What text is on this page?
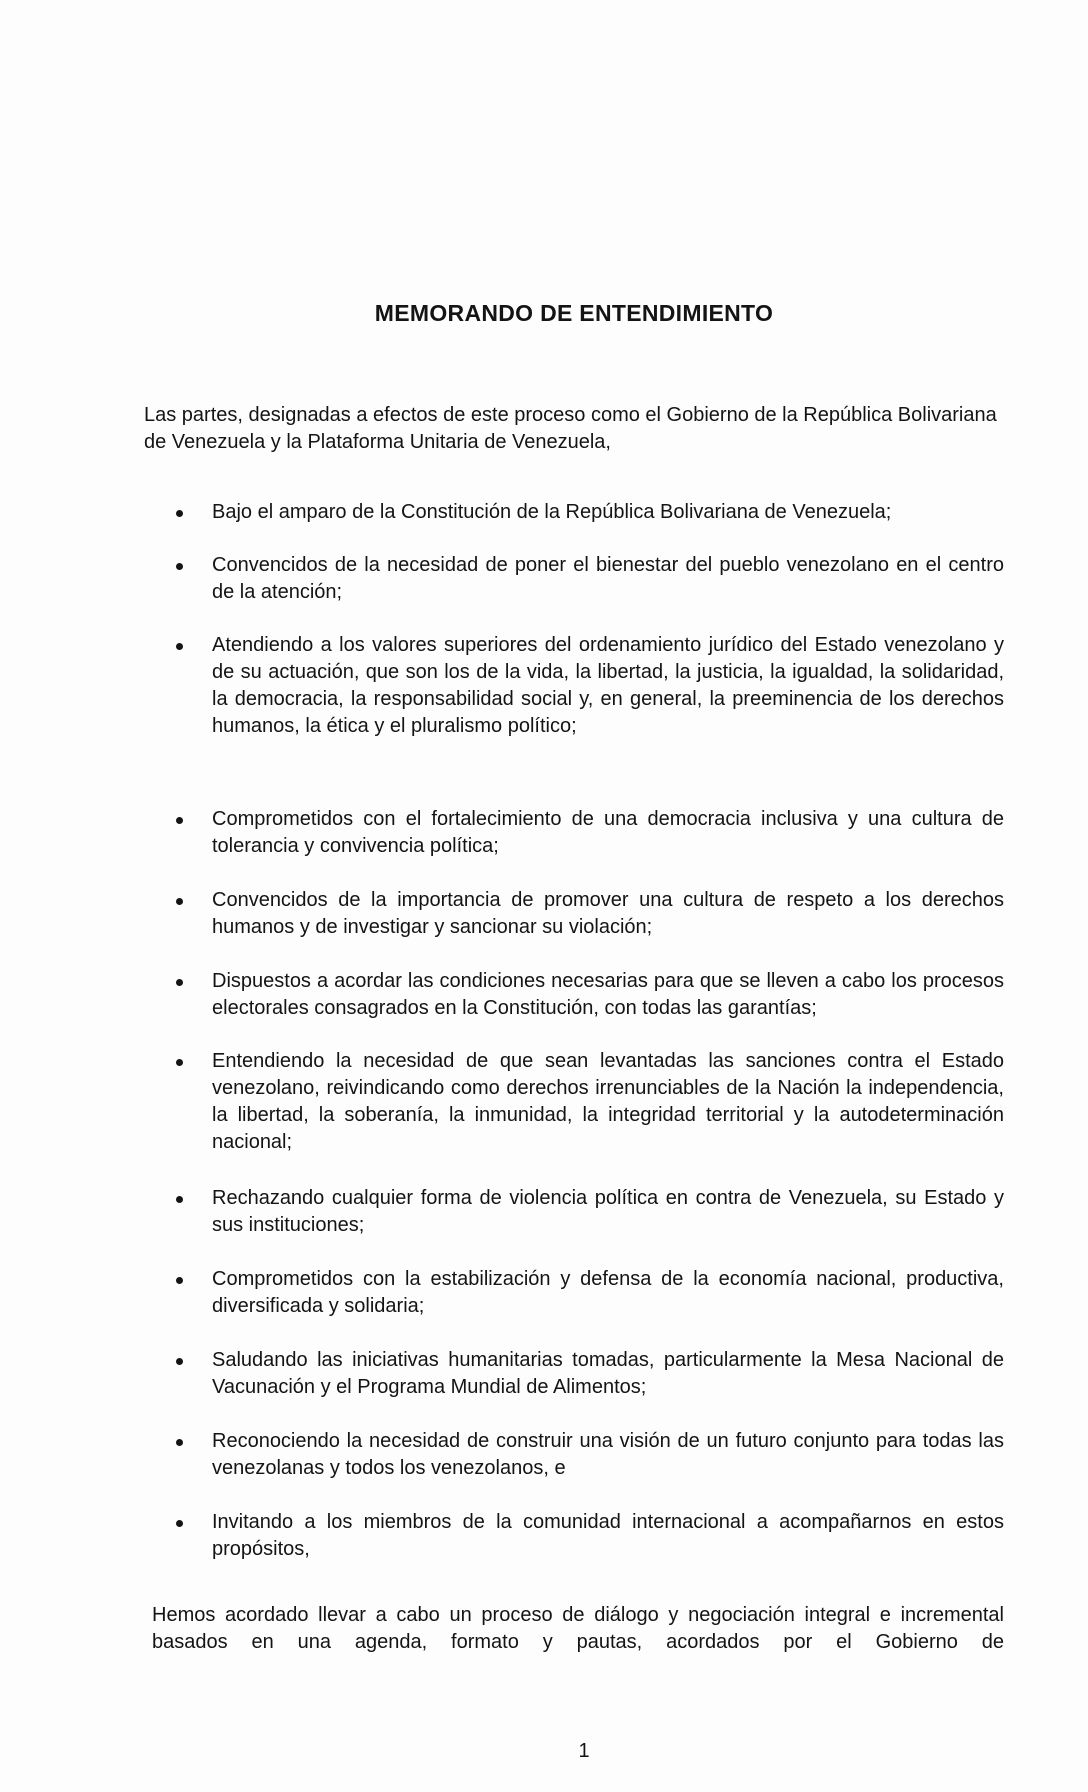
MEMORANDO DE ENTENDIMIENTO
Las partes, designadas a efectos de este proceso como el Gobierno de la República Bolivariana de Venezuela y la Plataforma Unitaria de Venezuela,
Bajo el amparo de la Constitución de la República Bolivariana de Venezuela;
Convencidos de la necesidad de poner el bienestar del pueblo venezolano en el centro de la atención;
Atendiendo a los valores superiores del ordenamiento jurídico del Estado venezolano y de su actuación, que son los de la vida, la libertad, la justicia, la igualdad, la solidaridad, la democracia, la responsabilidad social y, en general, la preeminencia de los derechos humanos, la ética y el pluralismo político;
Comprometidos con el fortalecimiento de una democracia inclusiva y una cultura de tolerancia y convivencia política;
Convencidos de la importancia de promover una cultura de respeto a los derechos humanos y de investigar y sancionar su violación;
Dispuestos a acordar las condiciones necesarias para que se lleven a cabo los procesos electorales consagrados en la Constitución, con todas las garantías;
Entendiendo la necesidad de que sean levantadas las sanciones contra el Estado venezolano, reivindicando como derechos irrenunciables de la Nación la independencia, la libertad, la soberanía, la inmunidad, la integridad territorial y la autodeterminación nacional;
Rechazando cualquier forma de violencia política en contra de Venezuela, su Estado y sus instituciones;
Comprometidos con la estabilización y defensa de la economía nacional, productiva, diversificada y solidaria;
Saludando las iniciativas humanitarias tomadas, particularmente la Mesa Nacional de Vacunación y el Programa Mundial de Alimentos;
Reconociendo la necesidad de construir una visión de un futuro conjunto para todas las venezolanas y todos los venezolanos, e
Invitando a los miembros de la comunidad internacional a acompañarnos en estos propósitos,
Hemos acordado llevar a cabo un proceso de diálogo y negociación integral e incremental basados en una agenda, formato y pautas, acordados por el Gobierno de
1
